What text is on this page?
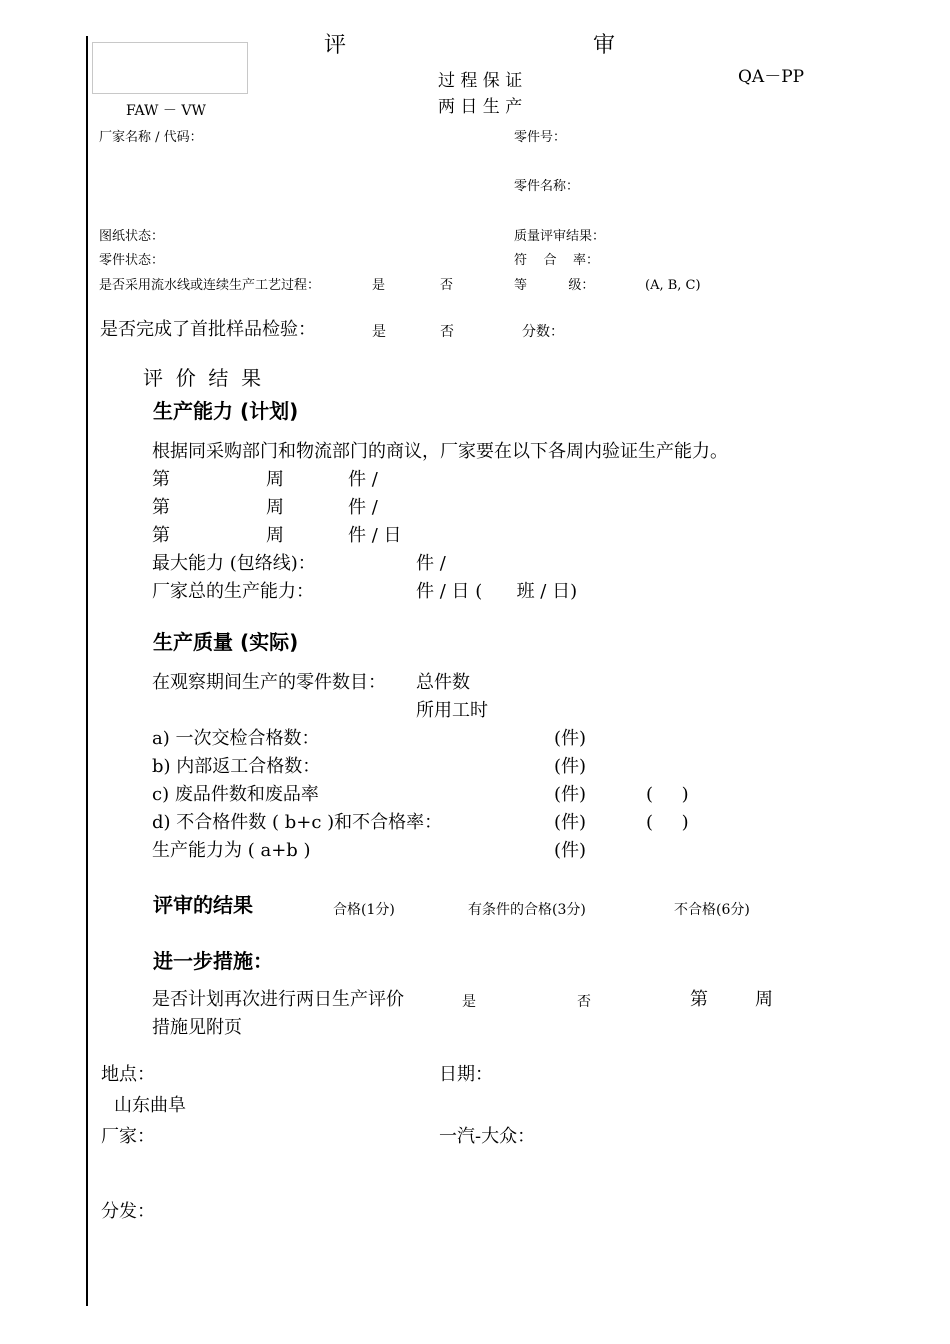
评	审
过 程 保 证	QA－PP
两 日 生 产
FAW － VW
厂家名称 / 代码：	零件号：
零件名称：
图纸状态：	质量评审结果：
零件状态：	符    合    率：
是否采用流水线或连续生产工艺过程：	是	否	等          级：	(A, B, C)
是否完成了首批样品检验：	是	否	分数：
评  价  结  果
生产能力 (计划)
根据同采购部门和物流部门的商议，厂家要在以下各周内验证生产能力。
第	周	件 /
第	周	件 /
第	周	件 / 日
最大能力 (包络线)：	件 /
厂家总的生产能力：	件 / 日 (      班 / 日)
生产质量 (实际)
在观察期间生产的零件数目： 总件数
所用工时
a) 一次交检合格数：	(件)
b) 内部返工合格数：	(件)
c) 废品件数和废品率	(件)	(     )
d) 不合格件数 ( b+c )和不合格率：	(件)	(     )
生产能力为 ( a+b )	(件)
评审的结果	合格(1分)	有条件的合格(3分)	不合格(6分)
进一步措施：
是否计划再次进行两日生产评价	是	否	第	周
措施见附页
地点：	日期：
山东曲阜
厂家：	一汽-大众：
分发：
